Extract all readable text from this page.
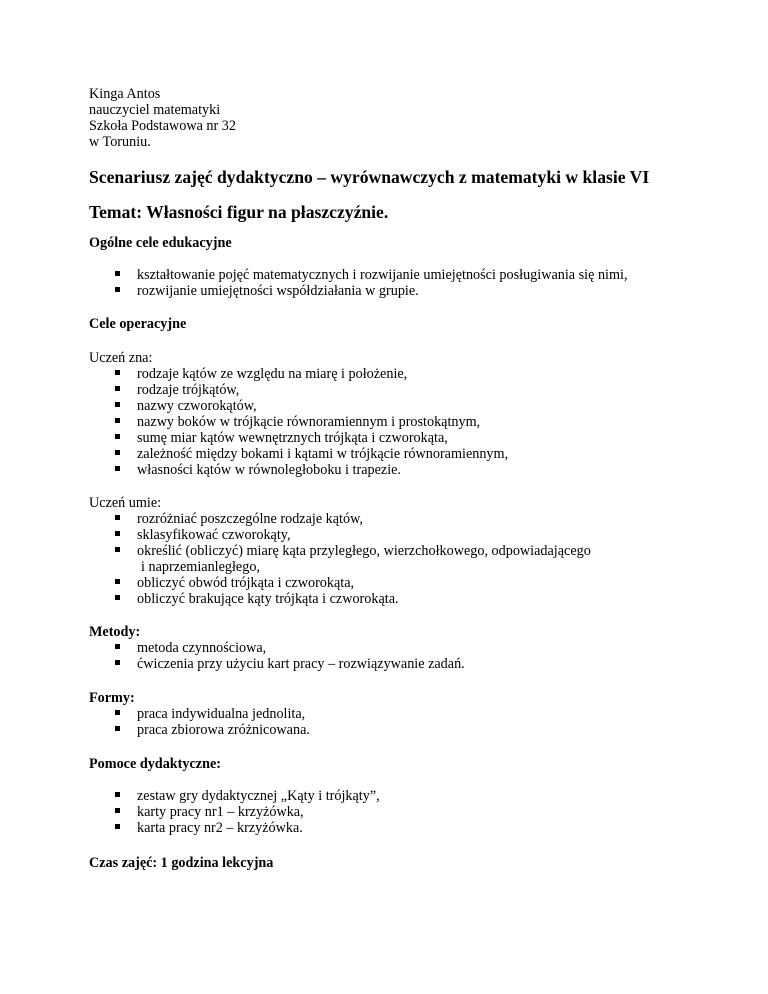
Kinga Antos
nauczyciel matematyki
Szkoła Podstawowa nr 32
w Toruniu.
Scenariusz zajęć dydaktyczno – wyrównawczych z matematyki w klasie VI
Temat: Własności figur na płaszczyźnie.
Ogólne cele edukacyjne
kształtowanie pojęć matematycznych i rozwijanie umiejętności posługiwania się nimi,
rozwijanie umiejętności współdziałania w grupie.
Cele operacyjne
Uczeń zna:
rodzaje kątów ze względu na miarę i położenie,
rodzaje trójkątów,
nazwy czworokątów,
nazwy boków w trójkącie równoramiennym i prostokątnym,
sumę miar kątów wewnętrznych trójkąta i czworokąta,
zależność między bokami i kątami w trójkącie równoramiennym,
własności kątów w równoległoboku i trapezie.
Uczeń umie:
rozróżniać poszczególne rodzaje kątów,
sklasyfikować czworokąty,
określić (obliczyć) miarę kąta przyległego, wierzchołkowego, odpowiadającego
i naprzemianległego,
obliczyć obwód trójkąta i czworokąta,
obliczyć brakujące kąty trójkąta i czworokąta.
Metody:
metoda czynnościowa,
ćwiczenia przy użyciu kart pracy – rozwiązywanie zadań.
Formy:
praca indywidualna jednolita,
praca zbiorowa zróżnicowana.
Pomoce dydaktyczne:
zestaw gry dydaktycznej „Kąty i trójkąty”,
karty pracy nr1 – krzyżówka,
karta pracy nr2 – krzyżówka.
Czas zajęć: 1 godzina lekcyjna
